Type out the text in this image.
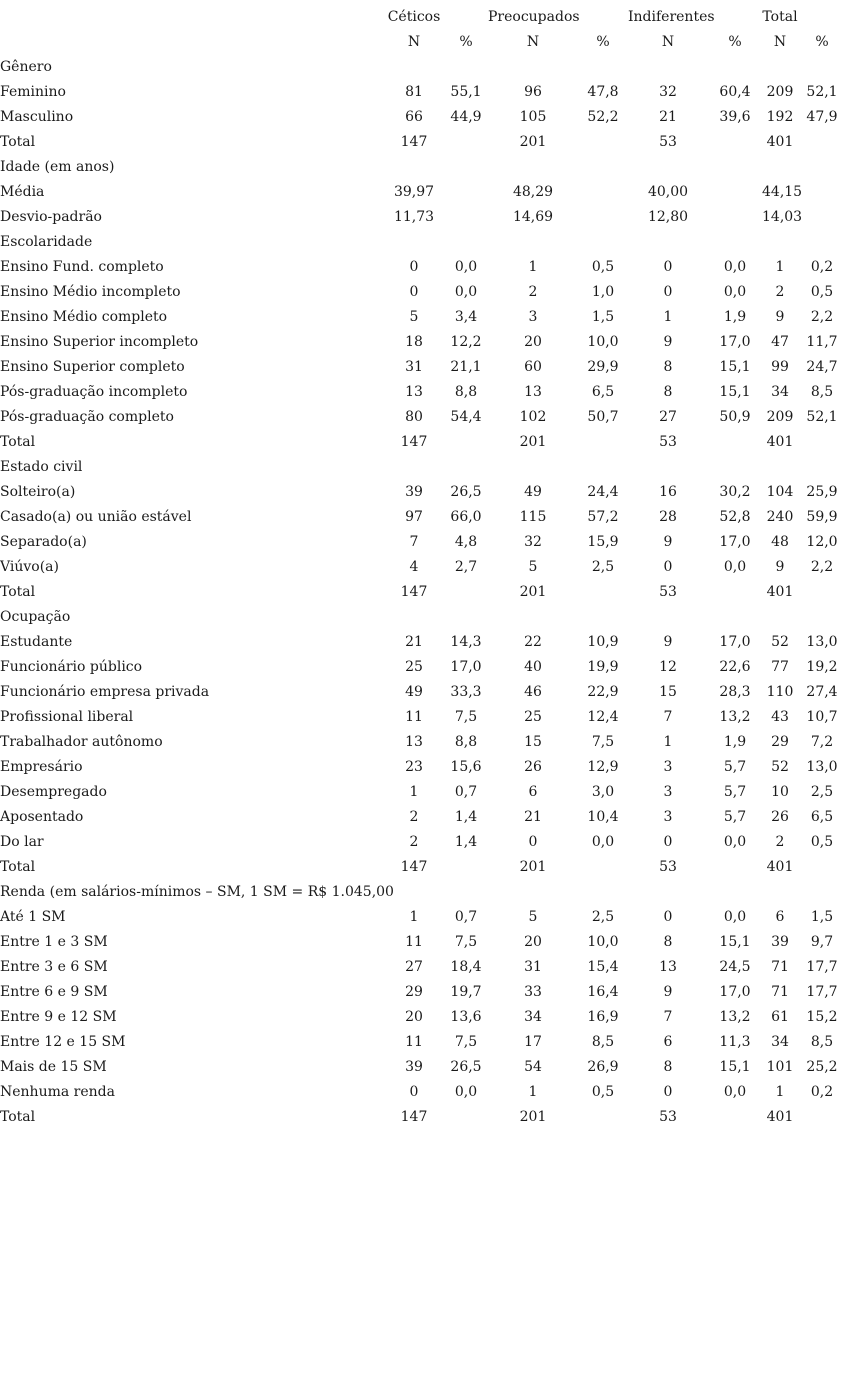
	Céticos		Preocupados		Indiferentes		Total	
	N	%	N	%	N	%	N	%
Gênero								
Feminino	81	55,1	96	47,8	32	60,4	209	52,1
Masculino	66	44,9	105	52,2	21	39,6	192	47,9
Total	147		201		53		401	
Idade (em anos)								
Média	39,97		48,29		40,00		44,15	
Desvio-padrão	11,73		14,69		12,80		14,03	
Escolaridade								
Ensino Fund. completo	0	0,0	1	0,5	0	0,0	1	0,2
Ensino Médio incompleto	0	0,0	2	1,0	0	0,0	2	0,5
Ensino Médio completo	5	3,4	3	1,5	1	1,9	9	2,2
Ensino Superior incompleto	18	12,2	20	10,0	9	17,0	47	11,7
Ensino Superior completo	31	21,1	60	29,9	8	15,1	99	24,7
Pós-graduação incompleto	13	8,8	13	6,5	8	15,1	34	8,5
Pós-graduação completo	80	54,4	102	50,7	27	50,9	209	52,1
Total	147		201		53		401	
Estado civil								
Solteiro(a)	39	26,5	49	24,4	16	30,2	104	25,9
Casado(a) ou união estável	97	66,0	115	57,2	28	52,8	240	59,9
Separado(a)	7	4,8	32	15,9	9	17,0	48	12,0
Viúvo(a)	4	2,7	5	2,5	0	0,0	9	2,2
Total	147		201		53		401	
Ocupação								
Estudante	21	14,3	22	10,9	9	17,0	52	13,0
Funcionário público	25	17,0	40	19,9	12	22,6	77	19,2
Funcionário empresa privada	49	33,3	46	22,9	15	28,3	110	27,4
Profissional liberal	11	7,5	25	12,4	7	13,2	43	10,7
Trabalhador autônomo	13	8,8	15	7,5	1	1,9	29	7,2
Empresário	23	15,6	26	12,9	3	5,7	52	13,0
Desempregado	1	0,7	6	3,0	3	5,7	10	2,5
Aposentado	2	1,4	21	10,4	3	5,7	26	6,5
Do lar	2	1,4	0	0,0	0	0,0	2	0,5
Total	147		201		53		401	
Renda (em salários-mínimos – SM, 1 SM = R$ 1.045,00								
Até 1 SM	1	0,7	5	2,5	0	0,0	6	1,5
Entre 1 e 3 SM	11	7,5	20	10,0	8	15,1	39	9,7
Entre 3 e 6 SM	27	18,4	31	15,4	13	24,5	71	17,7
Entre 6 e 9 SM	29	19,7	33	16,4	9	17,0	71	17,7
Entre 9 e 12 SM	20	13,6	34	16,9	7	13,2	61	15,2
Entre 12 e 15 SM	11	7,5	17	8,5	6	11,3	34	8,5
Mais de 15 SM	39	26,5	54	26,9	8	15,1	101	25,2
Nenhuma renda	0	0,0	1	0,5	0	0,0	1	0,2
Total	147		201		53		401	
